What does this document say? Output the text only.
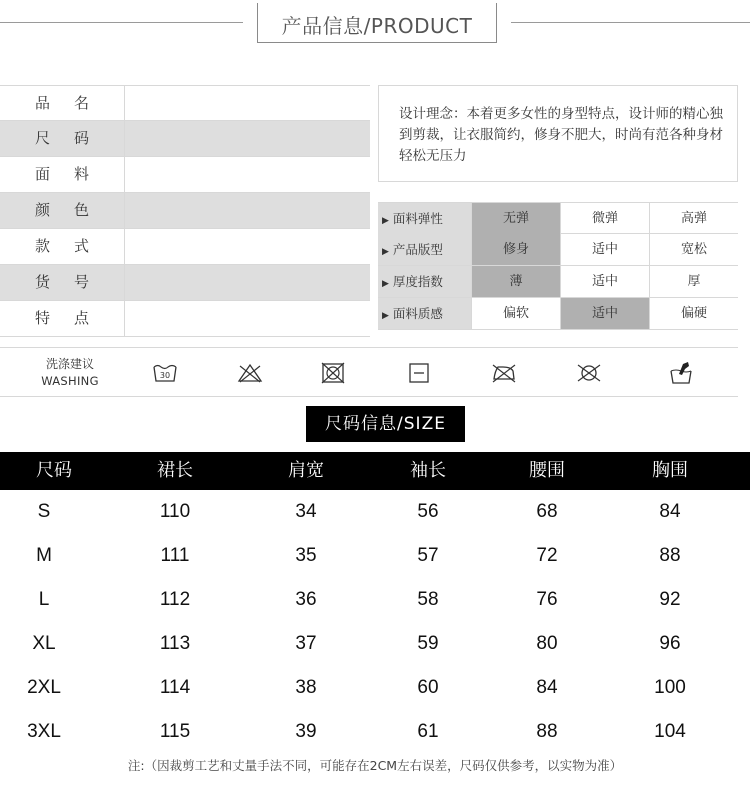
产品信息/PRODUCT
品名
尺码
面料
颜色
款式
货号
特点
设计理念：本着更多女性的身型特点，设计师的精心独到剪裁，让衣服简约，修身不肥大，时尚有范各种身材轻松无压力
▶ 面料弹性	无弹	微弹	高弹
▶ 产品版型	修身	适中	宽松
▶ 厚度指数	薄	适中	厚
▶ 面料质感	偏软	适中	偏硬
洗涤建议
WASHING	30
尺码信息/SIZE
尺码	裙长	肩宽	袖长	腰围	胸围
S	110	34	56	68	84
M	111	35	57	72	88
L	112	36	58	76	92
XL	113	37	59	80	96
2XL	114	38	60	84	100
3XL	115	39	61	88	104
注:（因裁剪工艺和丈量手法不同，可能存在2CM左右误差，尺码仅供参考，以实物为准）
